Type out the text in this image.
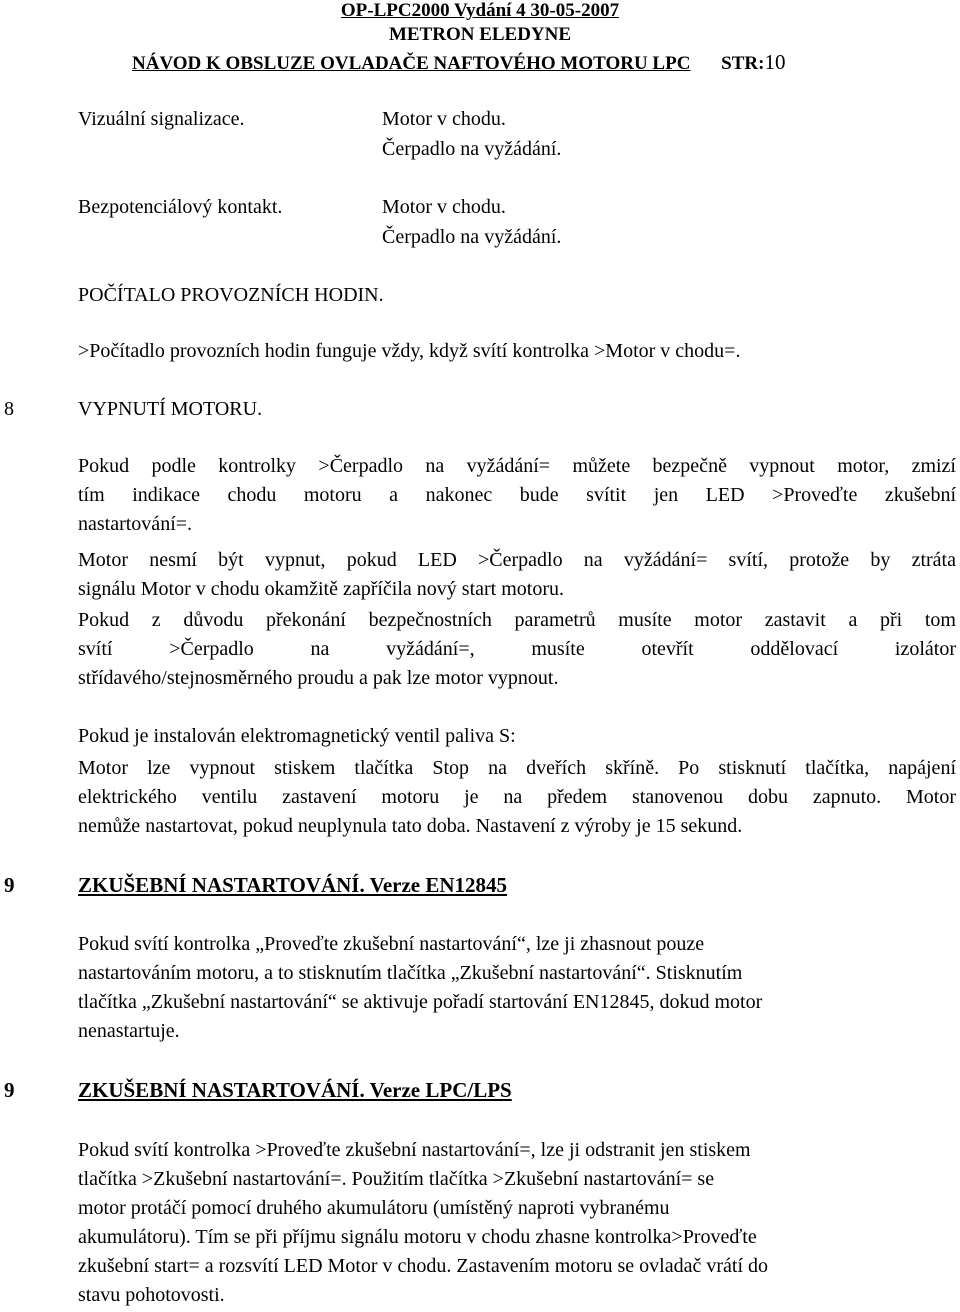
OP-LPC2000 Vydání 4 30-05-2007
METRON ELEDYNE
NÁVOD K OBSLUZE OVLADAČE NAFTOVÉHO MOTORU LPC STR:10
Vizuální signalizace.	Motor v chodu.
Čerpadlo na vyžádání.
Bezpotenciálový kontakt.	Motor v chodu.
Čerpadlo na vyžádání.
POČÍTALO PROVOZNÍCH HODIN.
>Počítadlo provozních hodin funguje vždy, když svítí kontrolka >Motor v chodu=.
8	VYPNUTÍ MOTORU.
Pokud podle kontrolky >Čerpadlo na vyžádání= můžete bezpečně vypnout motor, zmizí
tím indikace chodu motoru a nakonec bude svítit jen LED >Proveďte zkušební
nastartování=.
Motor nesmí být vypnut, pokud LED >Čerpadlo na vyžádání= svítí, protože by ztráta
signálu Motor v chodu okamžitě zapříčila nový start motoru.
Pokud z důvodu překonání bezpečnostních parametrů musíte motor zastavit a při tom
svítí >Čerpadlo na vyžádání=, musíte otevřít oddělovací izolátor
střídavého/stejnosměrného proudu a pak lze motor vypnout.
Pokud je instalován elektromagnetický ventil paliva S:
Motor lze vypnout stiskem tlačítka Stop na dveřích skříně. Po stisknutí tlačítka, napájení
elektrického ventilu zastavení motoru je na předem stanovenou dobu zapnuto. Motor
nemůže nastartovat, pokud neuplynula tato doba. Nastavení z výroby je 15 sekund.
9	ZKUŠEBNÍ NASTARTOVÁNÍ. Verze EN12845
Pokud svítí kontrolka „Proveďte zkušební nastartování“, lze ji zhasnout pouze
nastartováním motoru, a to stisknutím tlačítka „Zkušební nastartování“. Stisknutím
tlačítka „Zkušební nastartování“ se aktivuje pořadí startování EN12845, dokud motor
nenastartuje.
9	ZKUŠEBNÍ NASTARTOVÁNÍ. Verze LPC/LPS
Pokud svítí kontrolka >Proveďte zkušební nastartování=, lze ji odstranit jen stiskem
tlačítka >Zkušební nastartování=. Použitím tlačítka >Zkušební nastartování= se
motor protáčí pomocí druhého akumulátoru (umístěný naproti vybranému
akumulátoru). Tím se při příjmu signálu motoru v chodu zhasne kontrolka>Proveďte
zkušební start= a rozsvítí LED Motor v chodu. Zastavením motoru se ovladač vrátí do
stavu pohotovosti.
